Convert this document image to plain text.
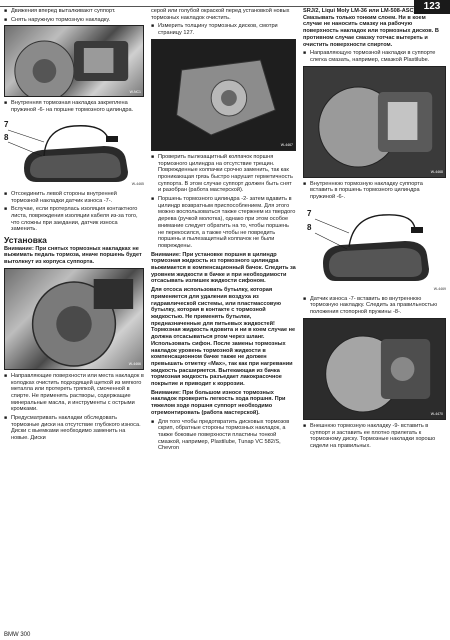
123
■ Движения вперед выталкивают суппорт.
■ Снять наружную тормозную накладку.
W-NC1
■ Внутренняя тормозная накладка закреплена пружиной -6- на поршне тормозного цилиндра.
7
8
W-4465
■ Отсоединить левой стороны внутренней тормозной накладки датчик износа -7-.
■ Вслучае, если протерлась изоляция контактного листа, повреждения изоляции кабеля из-за того, что сложны при заедании, датчик износа заменить.
Установка
Внимание: При снятых тормозных накладках не выжимать педаль тормоза, иначе поршень будет вытолкнут из корпуса суппорта.
W-4466
■ Направляющие поверхности или места накладок в колодках очистить подходящей щеткой из мягкого металла или протереть тряпкой, смоченной в спирте. Не применять растворы, содержащие минеральные масла, и инструменты с острыми кромками.
■ Предусматривать накладки обследовать тормозные диски на отсутствие глубокого износа. Диски с выемками необходимо заменить на новые. Диски
серой или голубой окраской перед установкой новых тормозных накладок очистить.
■ Измерить толщину тормозных дисков, смотри страницу 127.
W-4467
■ Проверить пылезащитный колпачок поршня тормозного цилиндра на отсутствие трещин. Поврежденные колпачки срочно заменить, так как проникающая грязь быстро нарушит герметичность суппорта. В этом случае суппорт должен быть снят и разобран (работа мастерской).
■ Поршень тормозного цилиндра -2- затем вдавить в цилиндр возвратным приспособлением. Для этого можно воспользоваться также стержнем из твердого дерева (ручкой молотка), однако при этом особое внимание следует обратить на то, чтобы поршень не перекосился, а также чтобы не повредить поршень и пылезащитный колпачок не были повреждены.
Внимание: При установке поршня в цилиндр тормозная жидкость из тормозного цилиндра выжимается в компенсационный бачок. Следить за уровнем жидкости в бачке и при необходимости отсасывать излишек жидкости сифоном.
Для отсоса использовать бутылку, которая применяется для удаления воздуха из гидравлической системы, или пластмассовую бутылку, которая в контакте с тормозной жидкостью. Не применять бутылки, предназначенные для питьевых жидкостей! Тормозная жидкость ядовита и ни в коем случае не должна отсасываться ртом через шланг. Использовать сифон. После замены тормозных накладок уровень тормозной жидкости в компенсационном бачке также не должен превышать отметку «Max», так как при нагревании жидкость расширяется. Вытекающая из бачка тормозная жидкость разъедает лакокрасочное покрытие и приводит к коррозии.
Внимание: При большом износе тормозных накладок проверить легкость хода поршня. При тяжелом ходе поршня суппорт необходимо отремонтировать (работа мастерской).
■ Для того чтобы предотвратить дисковых тормозов скрип, обратные стороны тормозных накладок, а также боковые поверхности пластины тонкой смазкой, например, Plastilube, Tunap VC 582/S, Chevron
SRJ/2, Liqui Moly LM-36 или LM-508-ASC). Смазывать только тонким слоем. Ни в коем случае не наносить смазку на рабочую поверхность накладок или тормозных дисков. В противном случае смазку тотчас вытереть и очистить поверхности спиртом.
■ Направляющую тормозной накладки в суппорте слегка смазать, например, смазкой Plastilube.
W-4468
■ Внутреннюю тормозную накладку суппорта вставить в поршень тормозного цилиндра пружиной -6-.
7
8
W-4469
■ Датчик износа -7- вставить во внутреннюю тормозную накладку. Следить за правильностью положения стопорной пружины -8-.
W-4470
■ Внешнюю тормозную накладку -9- вставить в суппорт и заставить ее плотно прилегать к тормозному диску. Тормозные накладки хорошо сидели на правильных.
BMW 300
